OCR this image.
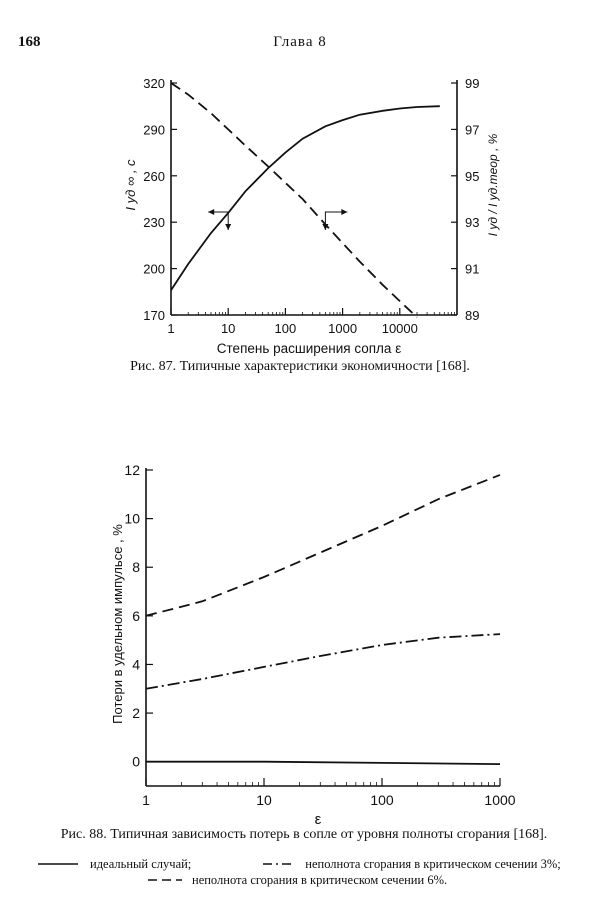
168	Глава 8
170
200
230
260
290
320
89
91
93
95
97
99
1	10	100 1000 10000
Степень расширения сопла ε
I уд ∞ , с	I уд / I уд.теор , %
Рис. 87. Типичные характеристики экономичности [168].
0
2
4
6
8
10
12
1	10	100	1000
ε
Потери в удельном импульсе , %
Рис. 88. Типичная зависимость потерь в сопле от уровня полноты сгорания [168].
идеальный случай;	неполнота сгорания в критическом сечении 3%;
неполнота сгорания в критическом сечении 6%.
